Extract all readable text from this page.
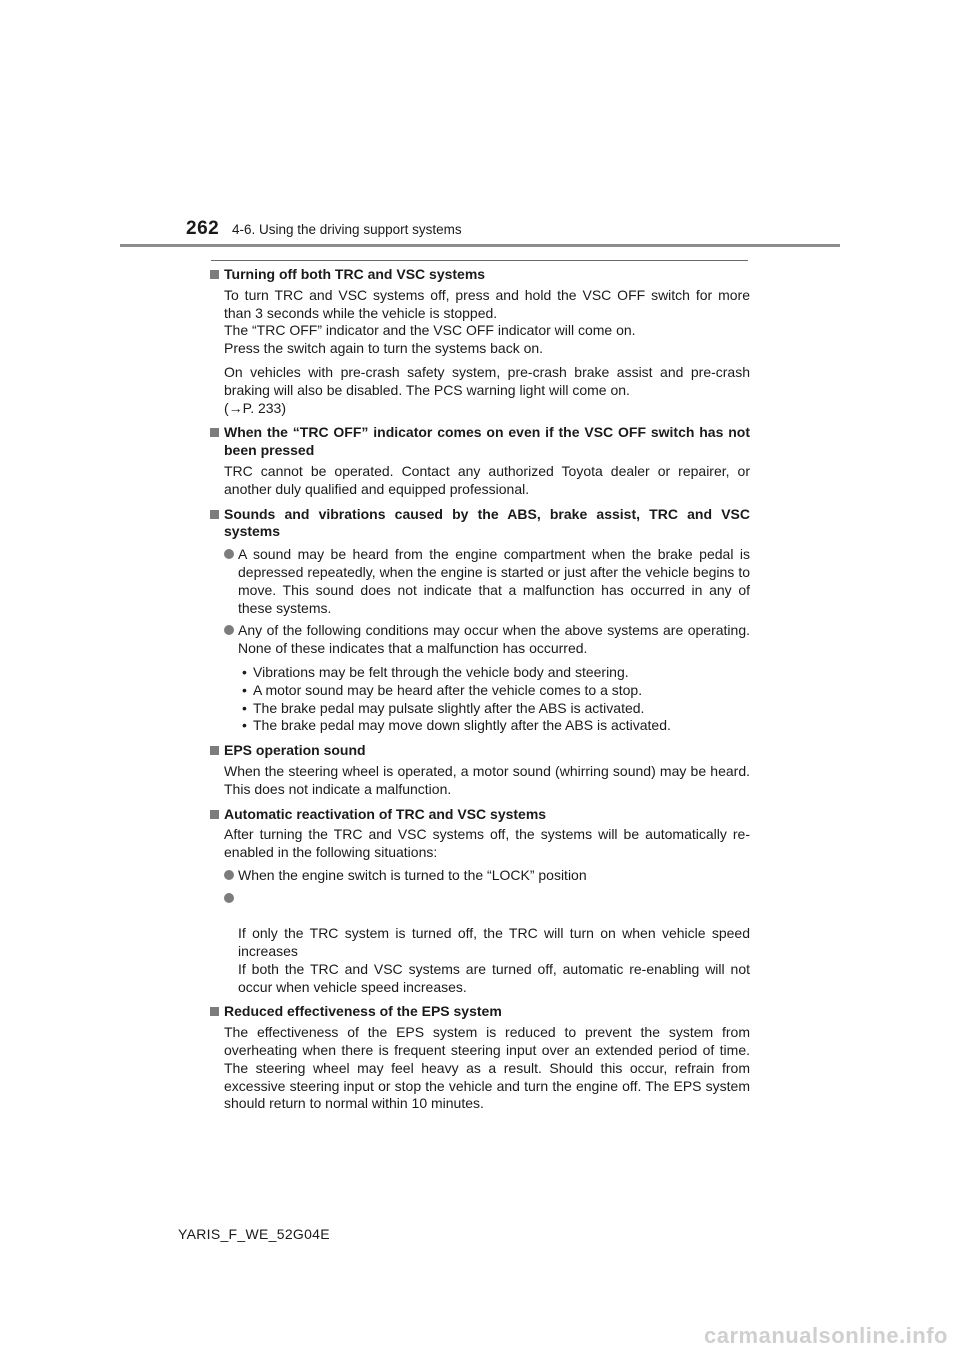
262 4-6. Using the driving support systems
Turning off both TRC and VSC systems
To turn TRC and VSC systems off, press and hold the VSC OFF switch for more than 3 seconds while the vehicle is stopped.
The “TRC OFF” indicator and the VSC OFF indicator will come on.
Press the switch again to turn the systems back on.
On vehicles with pre-crash safety system, pre-crash brake assist and pre-crash braking will also be disabled. The PCS warning light will come on.
(→P. 233)
When the “TRC OFF” indicator comes on even if the VSC OFF switch has not been pressed
TRC cannot be operated. Contact any authorized Toyota dealer or repairer, or another duly qualified and equipped professional.
Sounds and vibrations caused by the ABS, brake assist, TRC and VSC systems
A sound may be heard from the engine compartment when the brake pedal is depressed repeatedly, when the engine is started or just after the vehicle begins to move. This sound does not indicate that a malfunction has occurred in any of these systems.
Any of the following conditions may occur when the above systems are operating. None of these indicates that a malfunction has occurred.
• Vibrations may be felt through the vehicle body and steering.
• A motor sound may be heard after the vehicle comes to a stop.
• The brake pedal may pulsate slightly after the ABS is activated.
• The brake pedal may move down slightly after the ABS is activated.
EPS operation sound
When the steering wheel is operated, a motor sound (whirring sound) may be heard. This does not indicate a malfunction.
Automatic reactivation of TRC and VSC systems
After turning the TRC and VSC systems off, the systems will be automatically re-enabled in the following situations:
When the engine switch is turned to the “LOCK” position

If only the TRC system is turned off, the TRC will turn on when vehicle speed increases
If both the TRC and VSC systems are turned off, automatic re-enabling will not occur when vehicle speed increases.

Reduced effectiveness of the EPS system
The effectiveness of the EPS system is reduced to prevent the system from overheating when there is frequent steering input over an extended period of time. The steering wheel may feel heavy as a result. Should this occur, refrain from excessive steering input or stop the vehicle and turn the engine off. The EPS system should return to normal within 10 minutes.
YARIS_F_WE_52G04E
carmanualsonline.info
